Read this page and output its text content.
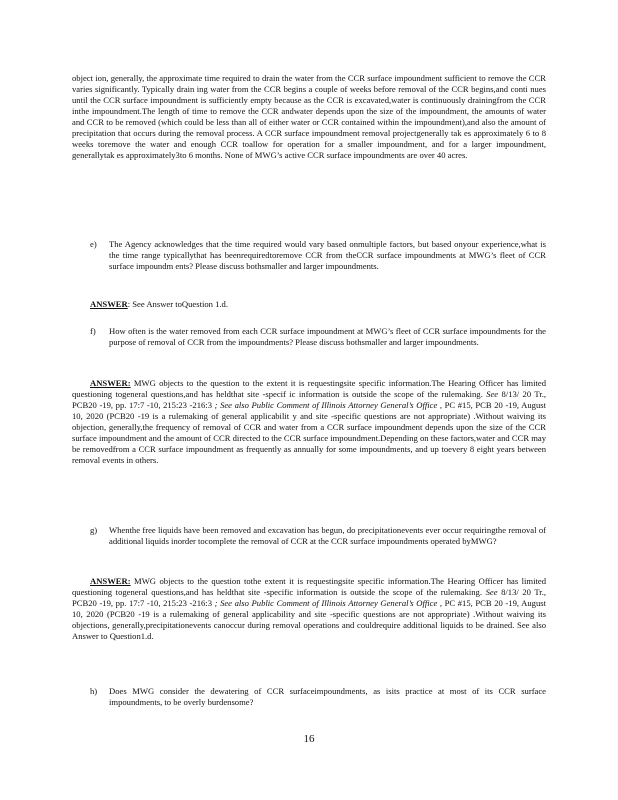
object ion, generally, the approximate time required to drain the water from the CCR surface impoundment sufficient to remove the CCR varies significantly. Typically drain ing water from the CCR begins a couple of weeks before removal of the CCR begins,and conti nues until the CCR surface impoundment is sufficiently empty because as the CCR is excavated,water is continuously drainingfrom the CCR inthe impoundment.The length of time to remove the CCR andwater depends upon the size of the impoundment, the amounts of water and CCR to be removed (which could be less than all of either water or CCR contained within the impoundment),and also the amount of precipitation that occurs during the removal process. A CCR surface impoundment removal projectgenerally tak es approximately 6 to 8 weeks toremove the water and enough CCR toallow for operation for a smaller impoundment, and for a larger impoundment, generallytak es approximately3to 6 months. None of MWG’s active CCR surface impoundments are over 40 acres.
e) The Agency acknowledges that the time required would vary based onmultiple factors, but based onyour experience,what is the time range typicallythat has beenrequiredtoremove CCR from theCCR surface impoundments at MWG’s fleet of CCR surface impoundm ents? Please discuss bothsmaller and larger impoundments.
ANSWER: See Answer toQuestion 1.d.
f) How often is the water removed from each CCR surface impoundment at MWG’s fleet of CCR surface impoundments for the purpose of removal of CCR from the impoundments? Please discuss bothsmaller and larger impoundments.
ANSWER: MWG objects to the question to the extent it is requestingsite specific information.The Hearing Officer has limited questioning togeneral questions,and has heldthat site -specif ic information is outside the scope of the rulemaking. See 8/13/ 20 Tr., PCB20 -19, pp. 17:7 -10, 215:23 -216:3 ; See also Public Comment of Illinois Attorney General’s Office , PC #15, PCB 20 -19, August 10, 2020 (PCB20 -19 is a rulemaking of general applicabilit y and site -specific questions are not appropriate) .Without waiving its objection, generally,the frequency of removal of CCR and water from a CCR surface impoundment depends upon the size of the CCR surface impoundment and the amount of CCR directed to the CCR surface impoundment.Depending on these factors,water and CCR may be removedfrom a CCR surface impoundment as frequently as annually for some impoundments, and up toevery 8 eight years between removal events in others.
g) Whenthe free liquids have been removed and excavation has begun, do precipitationevents ever occur requiringthe removal of additional liquids inorder tocomplete the removal of CCR at the CCR surface impoundments operated byMWG?
ANSWER: MWG objects to the question tothe extent it is requestingsite specific information.The Hearing Officer has limited questioning togeneral questions,and has heldthat site -specific information is outside the scope of the rulemaking. See 8/13/ 20 Tr., PCB20 -19, pp. 17:7 -10, 215:23 -216:3 ; See also Public Comment of Illinois Attorney General’s Office , PC #15, PCB 20 -19, August 10, 2020 (PCB20 -19 is a rulemaking of general applicability and site -specific questions are not appropriate) .Without waiving its objections, generally,precipitationevents canoccur during removal operations and couldrequire additional liquids to be drained. See also Answer to Question1.d.
h) Does MWG consider the dewatering of CCR surfaceimpoundments, as isits practice at most of its CCR surface impoundments, to be overly burdensome?
16
